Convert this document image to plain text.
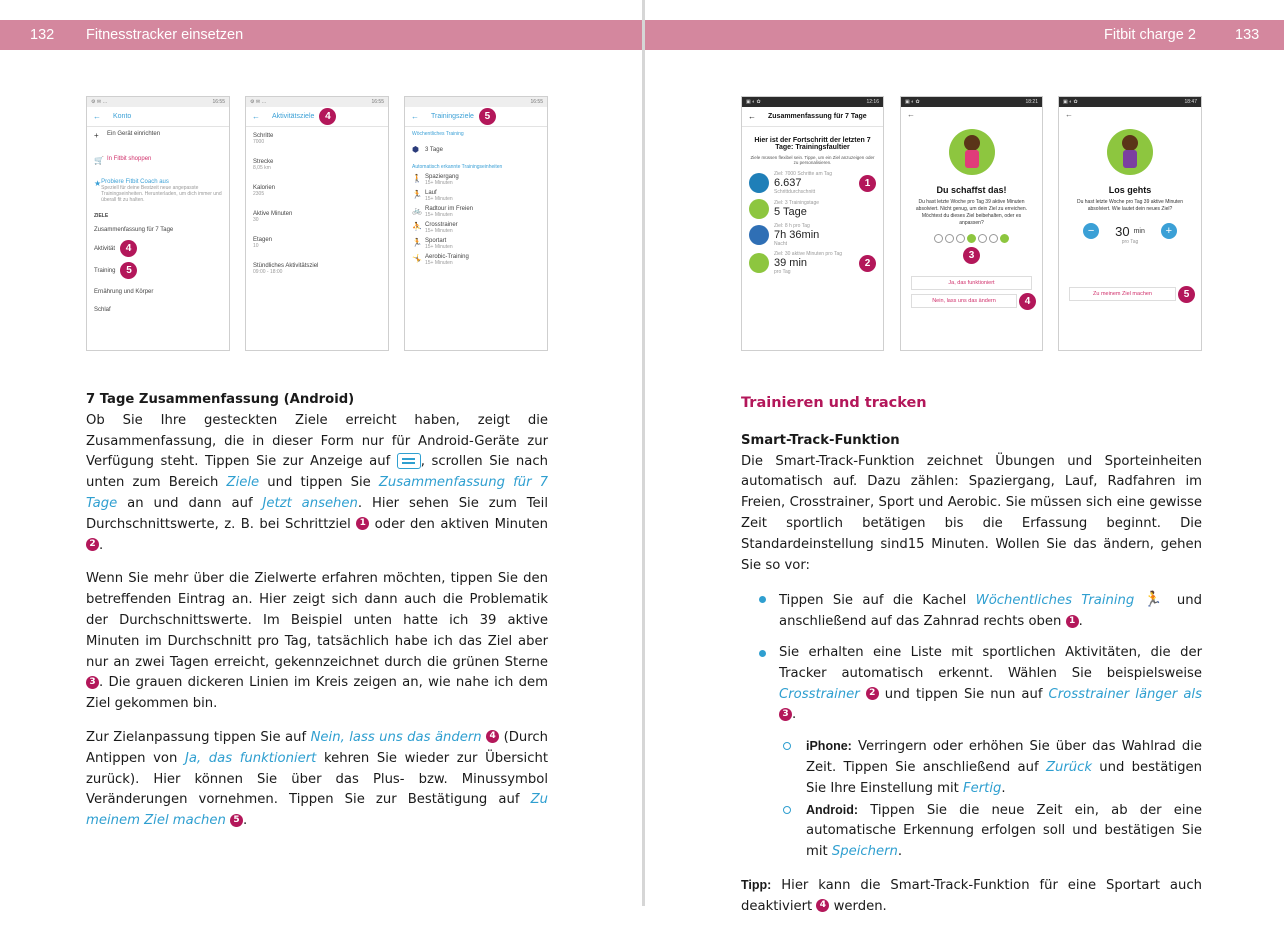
132 Fitnesstracker einsetzen
⚙ ✉ …	16:55
← Konto
+	Ein Gerät einrichten
🛒 In Fitbit shoppen
★ Probiere Fitbit Coach aus
Speziell für deine Bestzeit neue angepasste Trainingseinheiten. Herunterladen, um dich immer und überall fit zu halten.
ZIELE
Zusammenfassung für 7 Tage
Aktivität	4
Training	5
Ernährung und Körper
Schlaf
⚙ ✉ …	16:55
← Aktivitätsziele	4
Schritte
7000
Strecke
8,05 km
Kalorien
2305
Aktive Minuten
30
Etagen
10
Stündliches Aktivitätsziel
09:00 - 18:00
16:55
← Trainingsziele	5
Wöchentliches Training
⬢	3 Tage
Automatisch erkannte Trainingseinheiten
🚶 Spaziergang
15+ Minuten
🏃 Lauf
15+ Minuten
🚲 Radtour im Freien
15+ Minuten
⛹ Crosstrainer
15+ Minuten
🏃 Sportart
15+ Minuten
🤸 Aerobic-Training
15+ Minuten

7 Tage Zusammenfassung (Android)

Ob Sie Ihre gesteckten Ziele erreicht haben, zeigt die Zusammenfassung, die in dieser Form nur für Android-Geräte zur Verfügung steht. Tippen Sie zur Anzeige auf , scrollen Sie nach unten zum Bereich Ziele und tippen Sie Zusammenfassung für 7 Tage an und dann auf Jetzt ansehen. Hier sehen Sie zum Teil Durchschnittswerte, z. B. bei Schrittziel 1 oder den aktiven Minuten 2 .

Wenn Sie mehr über die Zielwerte erfahren möchten, tippen Sie den betreffenden Eintrag an. Hier zeigt sich dann auch die Problematik der Durchschnittswerte. Im Beispiel unten hatte ich 39 aktive Minuten im Durchschnitt pro Tag, tatsächlich habe ich das Ziel aber nur an zwei Tagen erreicht, gekennzeichnet durch die grünen Sterne 3 . Die grauen dickeren Linien im Kreis zeigen an, wie nahe ich dem Ziel gekommen bin.

Zur Zielanpassung tippen Sie auf Nein, lass uns das ändern 4 (Durch Antippen von Ja, das funktioniert kehren Sie wieder zur Übersicht zurück). Hier können Sie über das Plus- bzw. Minussymbol Veränderungen vornehmen. Tippen Sie zur Bestätigung auf Zu meinem Ziel machen 5 .

Fitbit charge 2	133
▣ ◐ ✿	12:16
← Zusammenfassung für 7 Tage
Hier ist der Fortschritt der letzten 7 Tage: Trainingsfaultier
Ziele müssen flexibel sein. Tippe, um ein Ziel anzuzeigen oder zu personalisieren.
Ziel: 7000 Schritte am Tag
6.637
Schrittdurchschnitt
1
Ziel: 3 Trainingstage
5 Tage
Ziel: 8 h pro Tag
7h 36min
Nacht
Ziel: 30 aktive Minuten pro Tag
39 min
pro Tag
2
▣ ◐ ✿	18:21
←
Du schaffst das!
Du hast letzte Woche pro Tag 39 aktive Minuten absolviert. Nicht genug, um dein Ziel zu erreichen. Möchtest du dieses Ziel beibehalten, oder es anpassen?
3
Ja, das funktioniert
Nein, lass uns das ändern	4
▣ ◐ ✿	18:47
←
Los gehts
Du hast letzte Woche pro Tag 39 aktive Minuten absolviert. Wie lautet dein neues Ziel?
−	30 min	+
pro Tag
Zu meinem Ziel machen	5

Trainieren und tracken

Smart-Track-Funktion

Die Smart-Track-Funktion zeichnet Übungen und Sporteinheiten automatisch auf. Dazu zählen: Spaziergang, Lauf, Radfahren im Freien, Crosstrainer, Sport und Aerobic. Sie müssen sich eine gewisse Zeit sportlich betätigen bis die Erfassung beginnt. Die Standardeinstellung sind15 Minuten. Wollen Sie das ändern, gehen Sie so vor:

Tippen Sie auf die Kachel Wöchentliches Training 🏃 und anschließend auf das Zahnrad rechts oben 1 .
Sie erhalten eine Liste mit sportlichen Aktivitäten, die der Tracker automatisch erkennt. Wählen Sie beispielsweise Crosstrainer 2 und tippen Sie nun auf Crosstrainer länger als 3 .
iPhone: Verringern oder erhöhen Sie über das Wahlrad die Zeit. Tippen Sie anschließend auf Zurück und bestätigen Sie Ihre Einstellung mit Fertig.
Android: Tippen Sie die neue Zeit ein, ab der eine automatische Erkennung erfolgen soll und bestätigen Sie mit Speichern.

Tipp: Hier kann die Smart-Track-Funktion für eine Sportart auch deaktiviert 4 werden.
